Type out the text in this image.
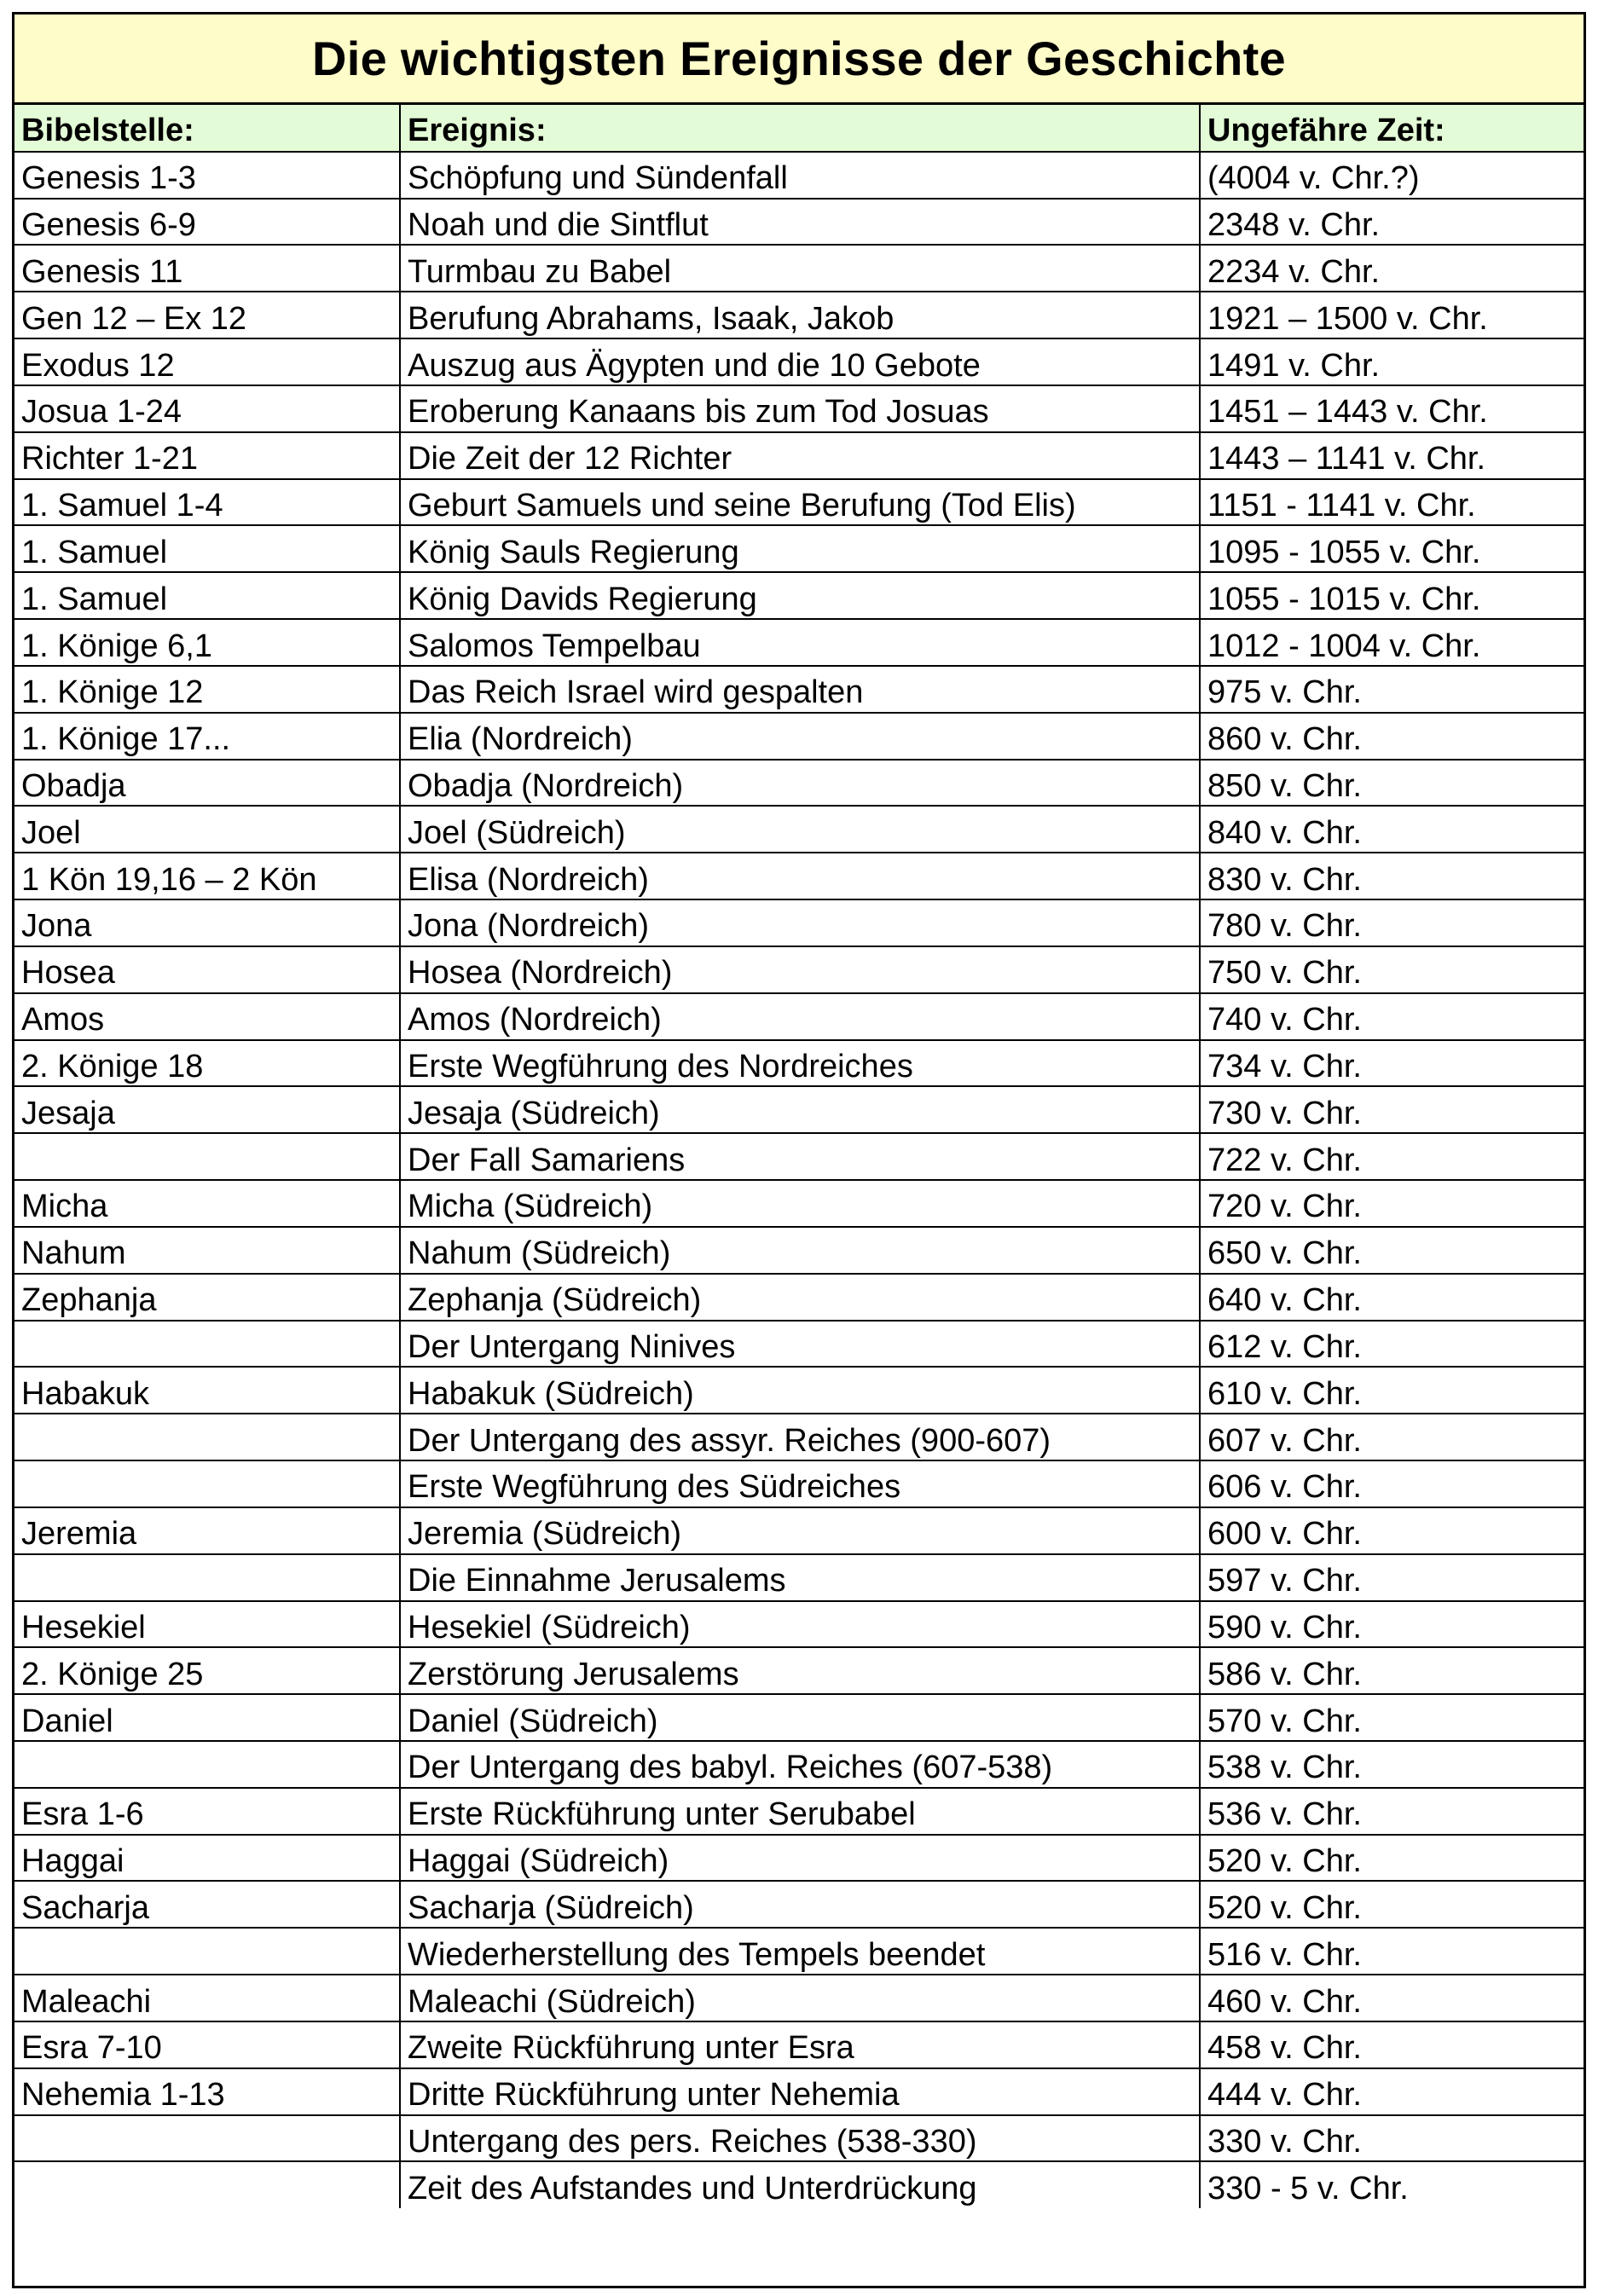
Die wichtigsten Ereignisse der Geschichte
Bibelstelle:	Ereignis:	Ungefähre Zeit:
Genesis 1-3	Schöpfung und Sündenfall	(4004 v. Chr.?)
Genesis 6-9	Noah und die Sintflut	2348 v. Chr.
Genesis 11	Turmbau zu Babel	2234 v. Chr.
Gen 12 – Ex 12	Berufung Abrahams, Isaak, Jakob	1921 – 1500 v. Chr.
Exodus 12	Auszug aus Ägypten und die 10 Gebote	1491 v. Chr.
Josua 1-24	Eroberung Kanaans bis zum Tod Josuas	1451 – 1443 v. Chr.
Richter 1-21	Die Zeit der 12 Richter	1443 – 1141 v. Chr.
1. Samuel 1-4	Geburt Samuels und seine Berufung (Tod Elis)	1151 - 1141 v. Chr.
1. Samuel	König Sauls Regierung	1095 - 1055 v. Chr.
1. Samuel	König Davids Regierung	1055 - 1015 v. Chr.
1. Könige 6,1	Salomos Tempelbau	1012 - 1004 v. Chr.
1. Könige 12	Das Reich Israel wird gespalten	975 v. Chr.
1. Könige 17...	Elia (Nordreich)	860 v. Chr.
Obadja	Obadja (Nordreich)	850 v. Chr.
Joel	Joel (Südreich)	840 v. Chr.
1 Kön 19,16 – 2 Kön	Elisa (Nordreich)	830 v. Chr.
Jona	Jona (Nordreich)	780 v. Chr.
Hosea	Hosea (Nordreich)	750 v. Chr.
Amos	Amos (Nordreich)	740 v. Chr.
2. Könige 18	Erste Wegführung des Nordreiches	734 v. Chr.
Jesaja	Jesaja (Südreich)	730 v. Chr.
	Der Fall Samariens	722 v. Chr.
Micha	Micha (Südreich)	720 v. Chr.
Nahum	Nahum (Südreich)	650 v. Chr.
Zephanja	Zephanja (Südreich)	640 v. Chr.
	Der Untergang Ninives	612 v. Chr.
Habakuk	Habakuk (Südreich)	610 v. Chr.
	Der Untergang des assyr. Reiches (900-607)	607 v. Chr.
	Erste Wegführung des Südreiches	606 v. Chr.
Jeremia	Jeremia (Südreich)	600 v. Chr.
	Die Einnahme Jerusalems	597 v. Chr.
Hesekiel	Hesekiel (Südreich)	590 v. Chr.
2. Könige 25	Zerstörung Jerusalems	586 v. Chr.
Daniel	Daniel (Südreich)	570 v. Chr.
	Der Untergang des babyl. Reiches (607-538)	538 v. Chr.
Esra 1-6	Erste Rückführung unter Serubabel	536 v. Chr.
Haggai	Haggai (Südreich)	520 v. Chr.
Sacharja	Sacharja (Südreich)	520 v. Chr.
	Wiederherstellung des Tempels beendet	516 v. Chr.
Maleachi	Maleachi (Südreich)	460 v. Chr.
Esra 7-10	Zweite Rückführung unter Esra	458 v. Chr.
Nehemia 1-13	Dritte Rückführung unter Nehemia	444 v. Chr.
	Untergang des pers. Reiches (538-330)	330 v. Chr.
	Zeit des Aufstandes und Unterdrückung	330 - 5 v. Chr.
